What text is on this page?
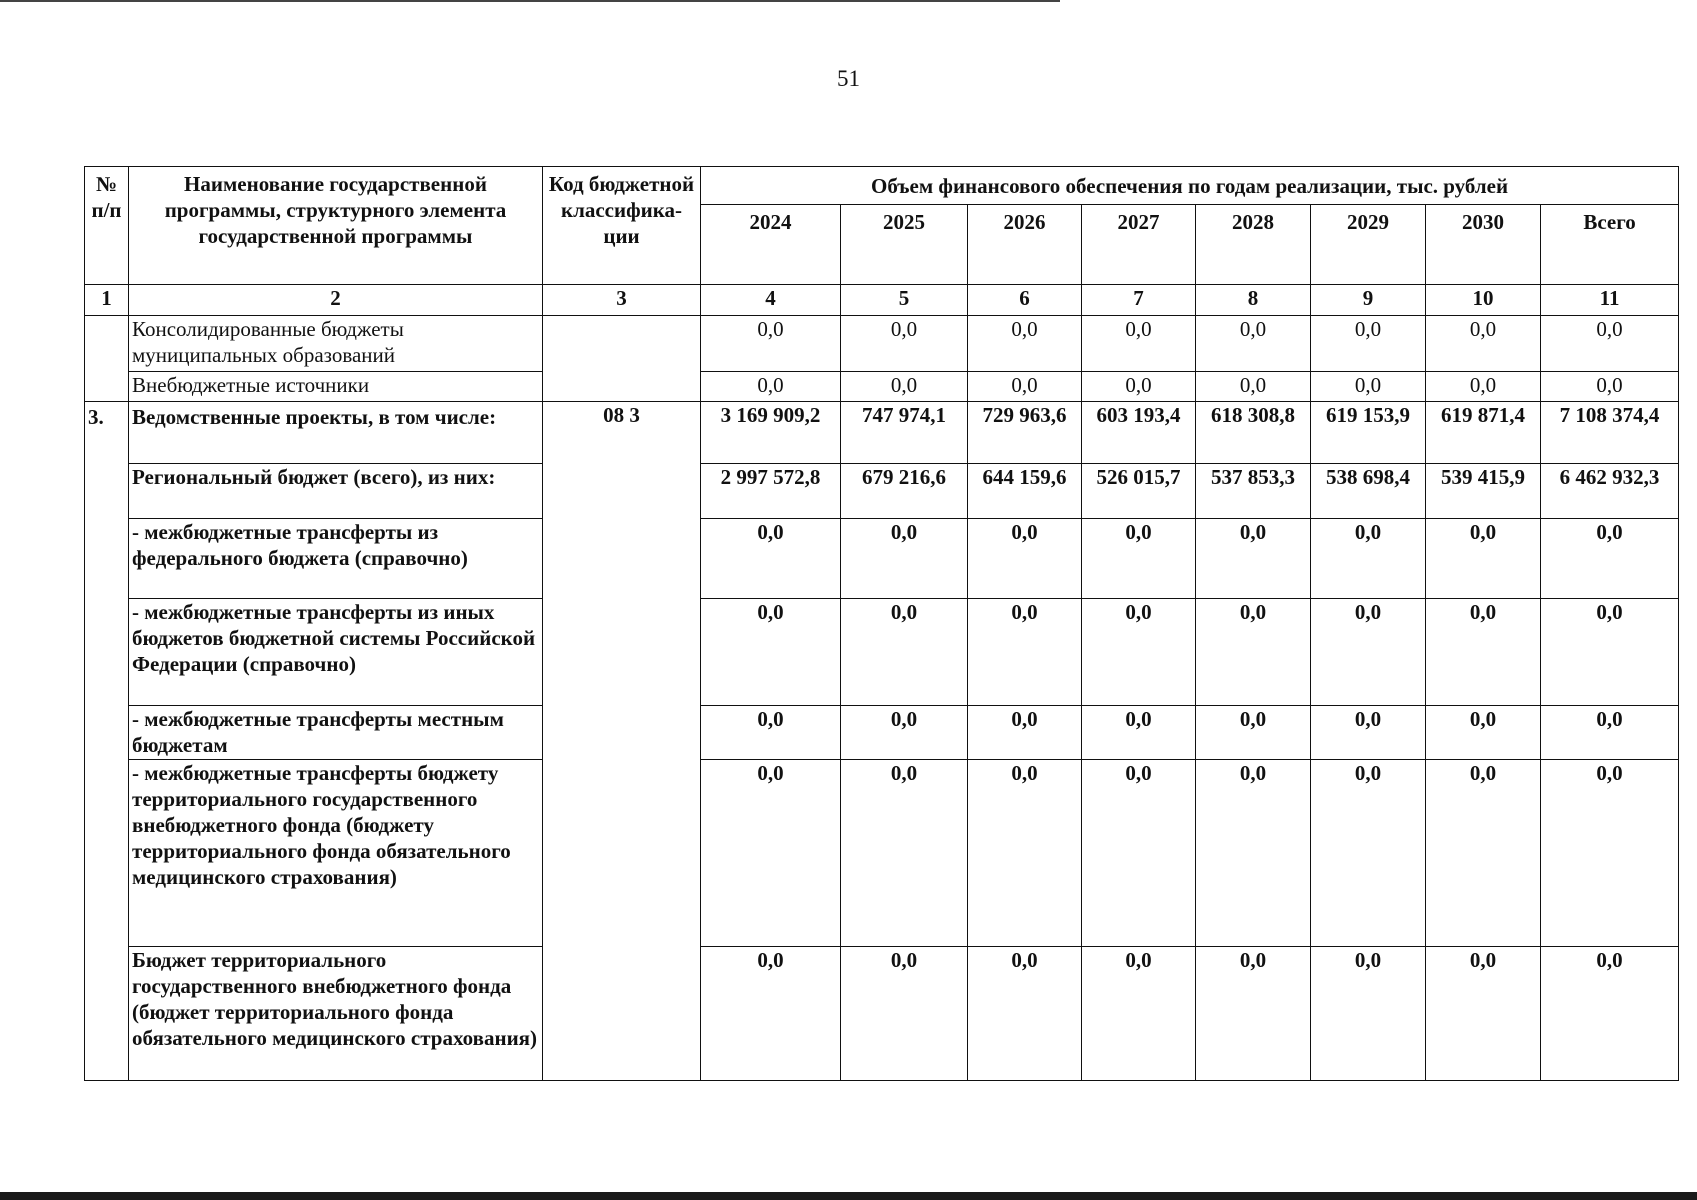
51
№ п/п	Наименование государственной программы, структурного элемента государственной программы	Код бюджетной классифика-ции	Объем финансового обеспечения по годам реализации, тыс. рублей							
			2024	2025	2026	2027	2028	2029	2030	Всего
1	2	3	4	5	6	7	8	9	10	11
	Консолидированные бюджеты муниципальных образований		0,0	0,0	0,0	0,0	0,0	0,0	0,0	0,0
	Внебюджетные источники		0,0	0,0	0,0	0,0	0,0	0,0	0,0	0,0
3.	Ведомственные проекты, в том числе:	08 3	3 169 909,2	747 974,1	729 963,6	603 193,4	618 308,8	619 153,9	619 871,4	7 108 374,4
	Региональный бюджет (всего), из них:		2 997 572,8	679 216,6	644 159,6	526 015,7	537 853,3	538 698,4	539 415,9	6 462 932,3
	- межбюджетные трансферты из федерального бюджета (справочно)		0,0	0,0	0,0	0,0	0,0	0,0	0,0	0,0
	- межбюджетные трансферты из иных бюджетов бюджетной системы Российской Федерации (справочно)		0,0	0,0	0,0	0,0	0,0	0,0	0,0	0,0
	- межбюджетные трансферты местным бюджетам		0,0	0,0	0,0	0,0	0,0	0,0	0,0	0,0
	- межбюджетные трансферты бюджету территориального государственного внебюджетного фонда (бюджету территориального фонда обязательного медицинского страхования)		0,0	0,0	0,0	0,0	0,0	0,0	0,0	0,0
	Бюджет территориального государственного внебюджетного фонда (бюджет территориального фонда обязательного медицинского страхования)		0,0	0,0	0,0	0,0	0,0	0,0	0,0	0,0
